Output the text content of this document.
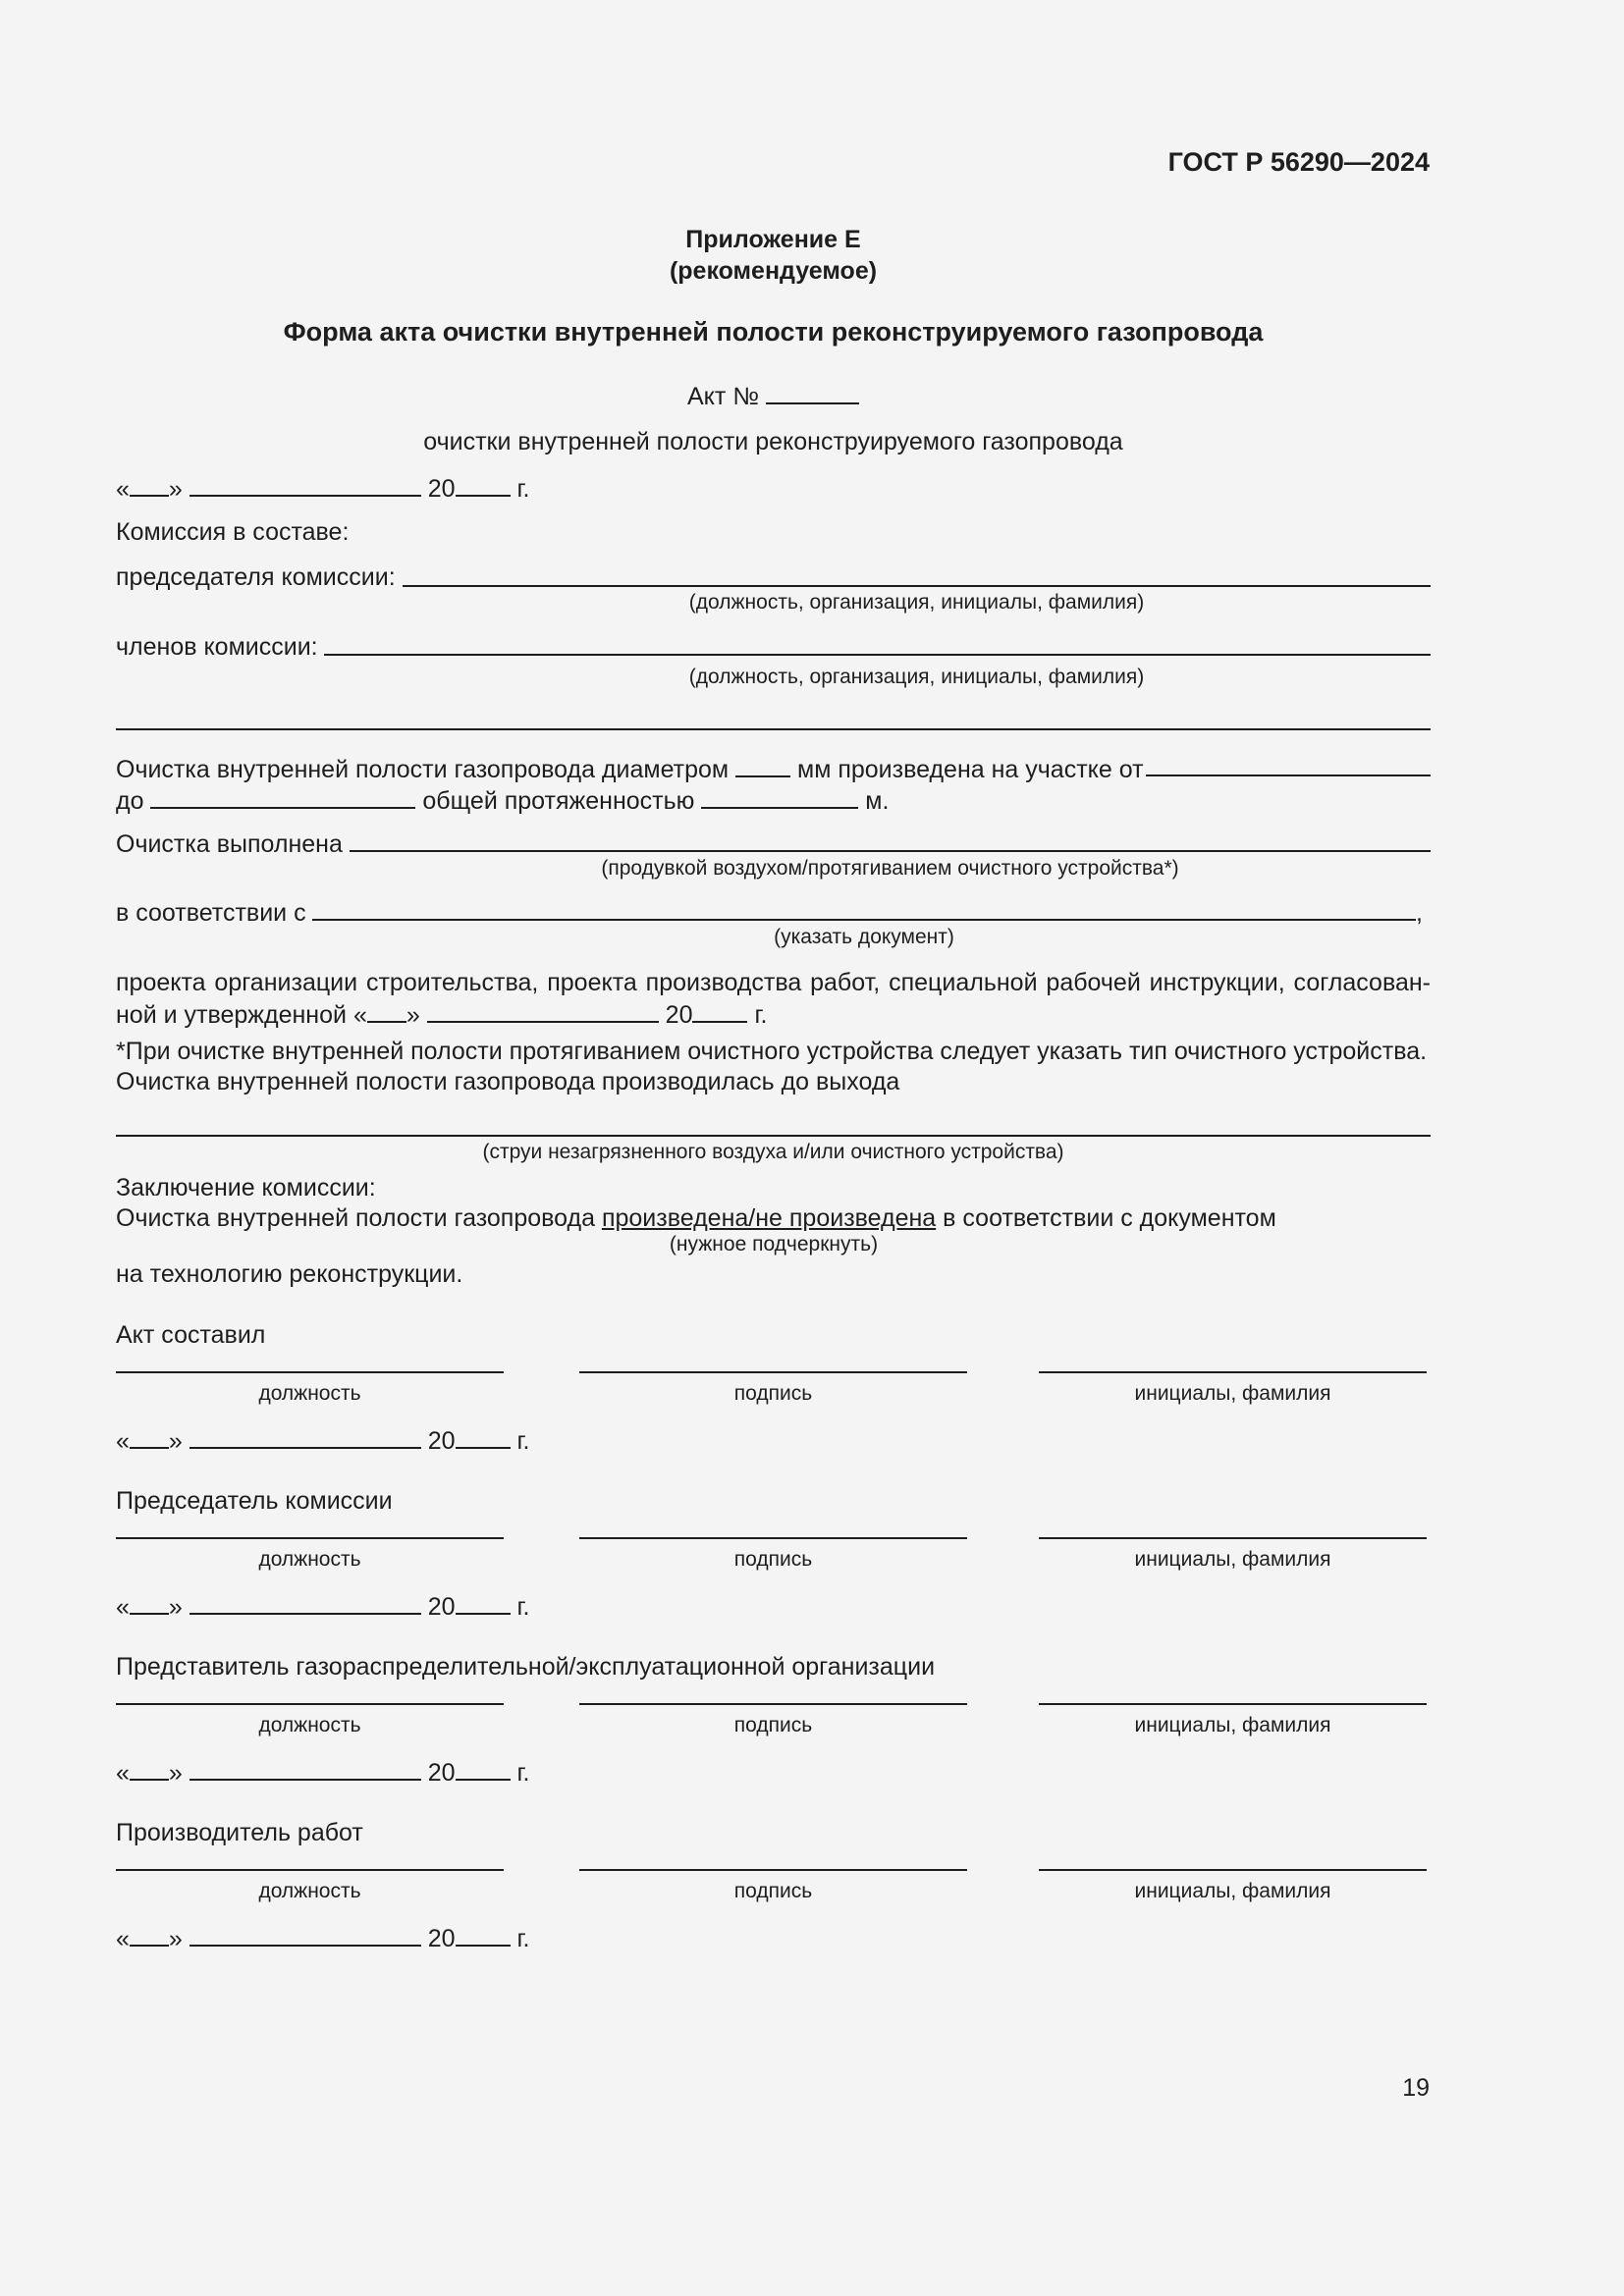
ГОСТ Р 56290—2024
Приложение Е
(рекомендуемое)
Форма акта очистки внутренней полости реконструируемого газопровода
Акт №
очистки внутренней полости реконструируемого газопровода
« »	20	г.
Комиссия в составе:
председателя комиссии:
(должность, организация, инициалы, фамилия)
членов комиссии:
(должность, организация, инициалы, фамилия)
Очистка внутренней полости газопровода диаметром	мм произведена на участке от
до	общей протяженностью	м.
Очистка выполнена
(продувкой воздухом/протягиванием очистного устройства*)
в соответствии с	,
(указать документ)
проекта организации строительства, проекта производства работ, специальной рабочей инструкции, согласован-
ной и утвержденной « »	20	г.
*При очистке внутренней полости протягиванием очистного устройства следует указать тип очистного устройства.
Очистка внутренней полости газопровода производилась до выхода
(струи незагрязненного воздуха и/или очистного устройства)
Заключение комиссии:
Очистка внутренней полости газопровода произведена/не произведена в соответствии с документом
(нужное подчеркнуть)
на технологию реконструкции.
Акт составил
должность	подпись	инициалы, фамилия
« »	20	г.
Председатель комиссии
должность	подпись	инициалы, фамилия
« »	20	г.
Представитель газораспределительной/эксплуатационной организации
должность	подпись	инициалы, фамилия
« »	20	г.
Производитель работ
должность	подпись	инициалы, фамилия
« »	20	г.
19
